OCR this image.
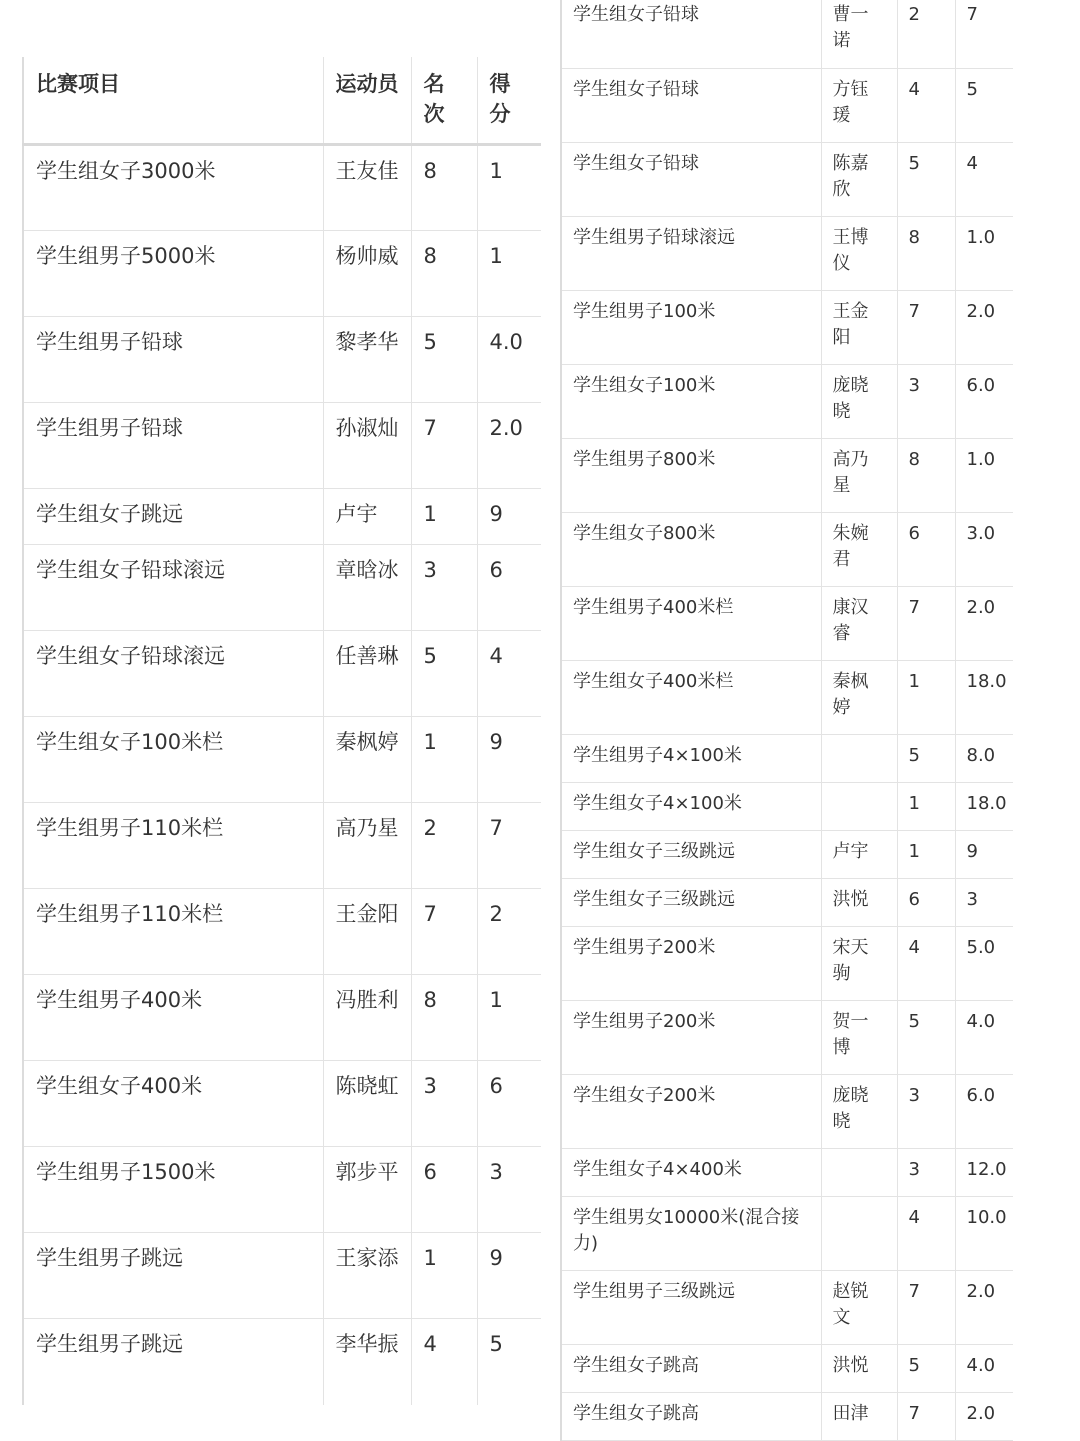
比赛项目	运动员	名次	得分
学生组女子3000米	王友佳	8	1
学生组男子5000米	杨帅威	8	1
学生组男子铅球	黎孝华	5	4.0
学生组男子铅球	孙淑灿	7	2.0
学生组女子跳远	卢宇	1	9
学生组女子铅球滚远	章晗冰	3	6
学生组女子铅球滚远	任善琳	5	4
学生组女子100米栏	秦枫婷	1	9
学生组男子110米栏	高乃星	2	7
学生组男子110米栏	王金阳	7	2
学生组男子400米	冯胜利	8	1
学生组女子400米	陈晓虹	3	6
学生组男子1500米	郭步平	6	3
学生组男子跳远	王家添	1	9
学生组男子跳远	李华振	4	5
学生组女子铅球	曹一诺	2	7
学生组女子铅球	方钰瑗	4	5
学生组女子铅球	陈嘉欣	5	4
学生组男子铅球滚远	王博仪	8	1.0
学生组男子100米	王金阳	7	2.0
学生组女子100米	庞晓晓	3	6.0
学生组男子800米	高乃星	8	1.0
学生组女子800米	朱婉君	6	3.0
学生组男子400米栏	康汉睿	7	2.0
学生组女子400米栏	秦枫婷	1	18.0
学生组男子4×100米		5	8.0
学生组女子4×100米		1	18.0
学生组女子三级跳远	卢宇	1	9
学生组女子三级跳远	洪悦	6	3
学生组男子200米	宋天驹	4	5.0
学生组男子200米	贺一博	5	4.0
学生组女子200米	庞晓晓	3	6.0
学生组女子4×400米		3	12.0
学生组男女10000米(混合接力)		4	10.0
学生组男子三级跳远	赵锐文	7	2.0
学生组女子跳高	洪悦	5	4.0
学生组女子跳高	田津	7	2.0
